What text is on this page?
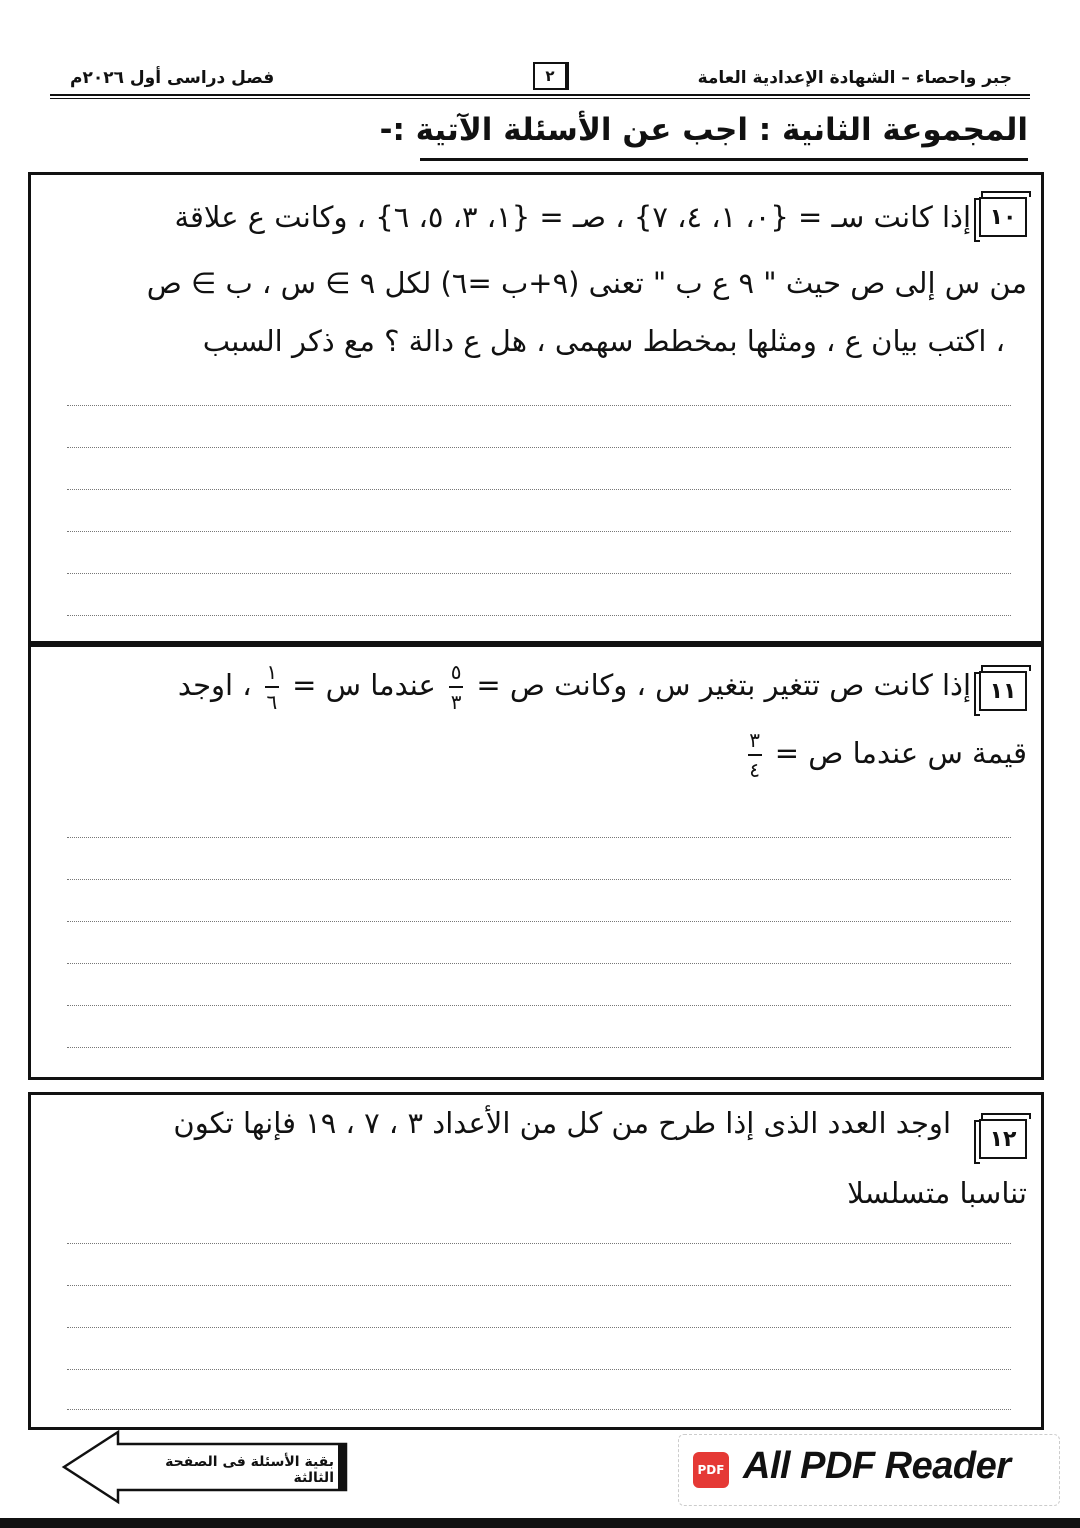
جبر واحصاء – الشهادة الإعدادية العامة
٢
فصل دراسى أول ٢٠٢٦م
المجموعة الثانية : اجب عن الأسئلة الآتية :-
١٠
إذا كانت سـ = {٠، ١، ٤، ٧} ، صـ = {١، ٣، ٥، ٦} ، وكانت ع علاقة
من س إلى ص حيث " ٩ ع ب " تعنى (٩+ب =٦) لكل ٩ ∋ س ، ب ∋ ص
، اكتب بيان ع ، ومثلها بمخطط سهمى ، هل ع دالة ؟ مع ذكر السبب
١١
إذا كانت ص تتغير بتغير س ، وكانت ص = $\frac{٥}{٣}$ عندما س = $\frac{١}{٦}$ ، اوجد
قيمة س عندما ص = $\frac{٣}{٤}$
١٢
اوجد العدد الذى إذا طرح من كل من الأعداد ٣ ، ٧ ، ١٩ فإنها تكون
تناسبا متسلسلا
بقية الأسئلة فى الصفحة الثالثة	PDF All PDF Reader
